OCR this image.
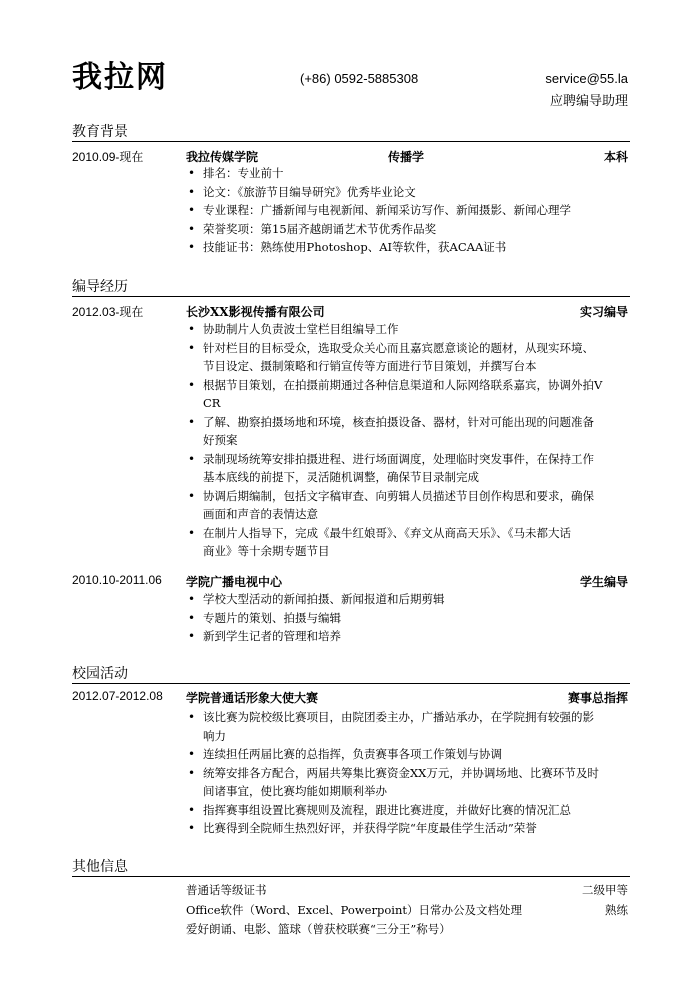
我拉网	(+86) 0592-5885308	service@55.la
应聘编导助理
教育背景
2010.09-现在	我拉传媒学院	传播学	本科
• 排名：专业前十
• 论文：《旅游节目编导研究》优秀毕业论文
• 专业课程：广播新闻与电视新闻、新闻采访写作、新闻摄影、新闻心理学
• 荣誉奖项：第15届齐越朗诵艺术节优秀作品奖
• 技能证书：熟练使用Photoshop、AI等软件，获ACAA证书
编导经历
2012.03-现在	长沙XX影视传播有限公司	实习编导
• 协助制片人负责波士堂栏目组编导工作
• 针对栏目的目标受众，选取受众关心而且嘉宾愿意谈论的题材，从现实环境、
节目设定、摄制策略和行销宣传等方面进行节目策划，并撰写台本
• 根据节目策划，在拍摄前期通过各种信息渠道和人际网络联系嘉宾，协调外拍V
CR
• 了解、勘察拍摄场地和环境，核查拍摄设备、器材，针对可能出现的问题准备
好预案
• 录制现场统筹安排拍摄进程、进行场面调度，处理临时突发事件，在保持工作
基本底线的前提下，灵活随机调整，确保节目录制完成
• 协调后期编制，包括文字稿审查、向剪辑人员描述节目创作构思和要求，确保
画面和声音的表情达意
• 在制片人指导下，完成《最牛红娘哥》、《弃文从商高天乐》、《马未都大话
商业》等十余期专题节目
2010.10-2011.06 学院广播电视中心	学生编导
• 学校大型活动的新闻拍摄、新闻报道和后期剪辑
• 专题片的策划、拍摄与编辑
• 新到学生记者的管理和培养
校园活动
2012.07-2012.08 学院普通话形象大使大赛	赛事总指挥
• 该比赛为院校级比赛项目，由院团委主办，广播站承办，在学院拥有较强的影
响力
• 连续担任两届比赛的总指挥，负责赛事各项工作策划与协调
• 统筹安排各方配合，两届共筹集比赛资金XX万元，并协调场地、比赛环节及时
间诸事宜，使比赛均能如期顺利举办
• 指挥赛事组设置比赛规则及流程，跟进比赛进度，并做好比赛的情况汇总
• 比赛得到全院师生热烈好评，并获得学院“年度最佳学生活动”荣誉
其他信息
普通话等级证书	二级甲等
Office软件（Word、Excel、Powerpoint）日常办公及文档处理	熟练
爱好朗诵、电影、篮球（曾获校联赛“三分王”称号）
